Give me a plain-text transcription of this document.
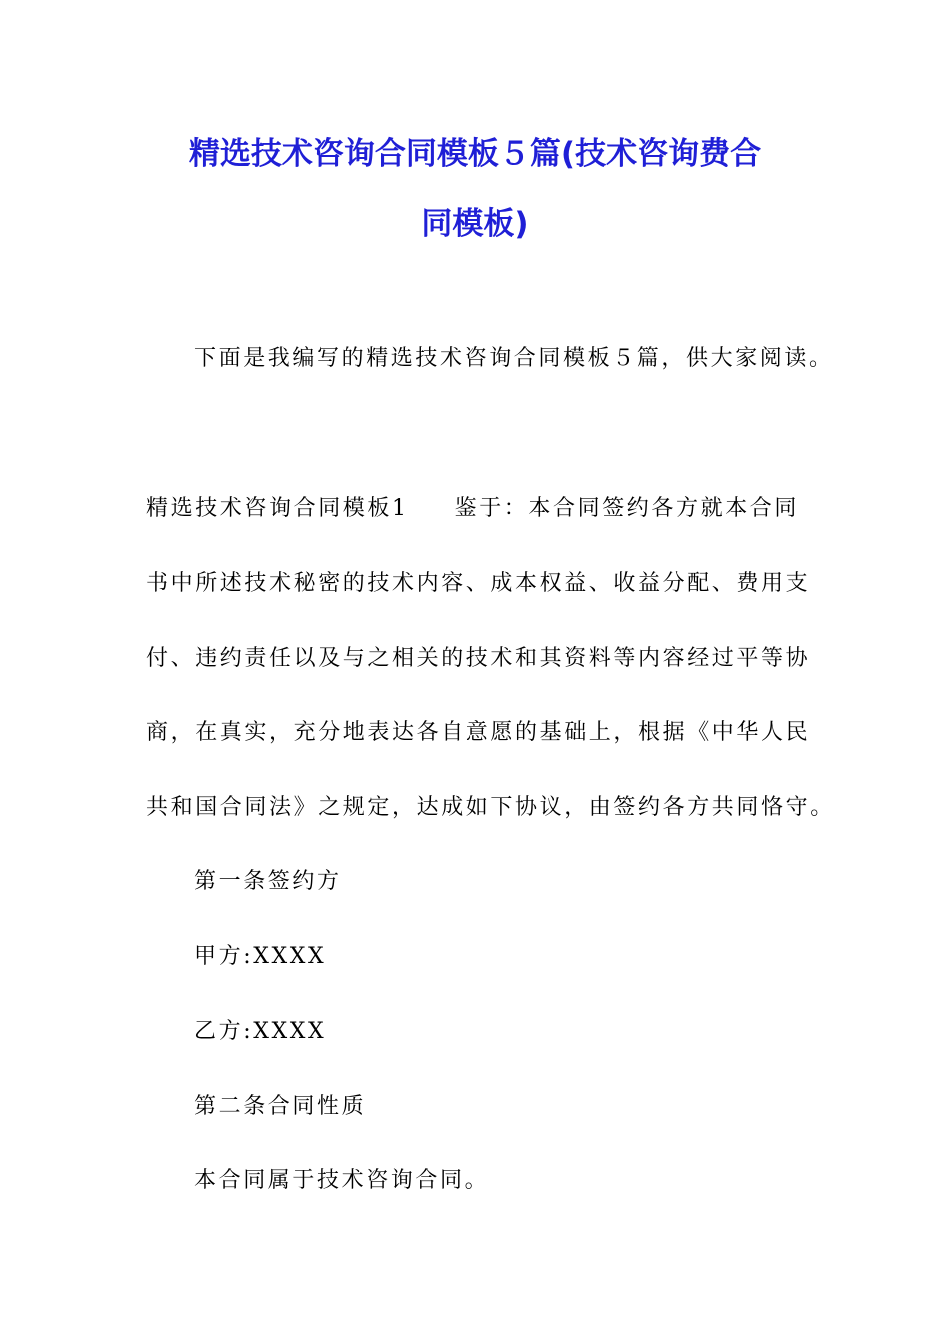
精选技术咨询合同模板５篇(技术咨询费合
同模板)

下面是我编写的精选技术咨询合同模板５篇，供大家阅读。

精选技术咨询合同模板1 鉴于：本合同签约各方就本合同

书中所述技术秘密的技术内容、成本权益、收益分配、费用支

付、违约责任以及与之相关的技术和其资料等内容经过平等协

商，在真实，充分地表达各自意愿的基础上，根据《中华人民

共和国合同法》之规定，达成如下协议，由签约各方共同恪守。

第一条签约方

甲方:XXXX

乙方:XXXX

第二条合同性质

本合同属于技术咨询合同。
